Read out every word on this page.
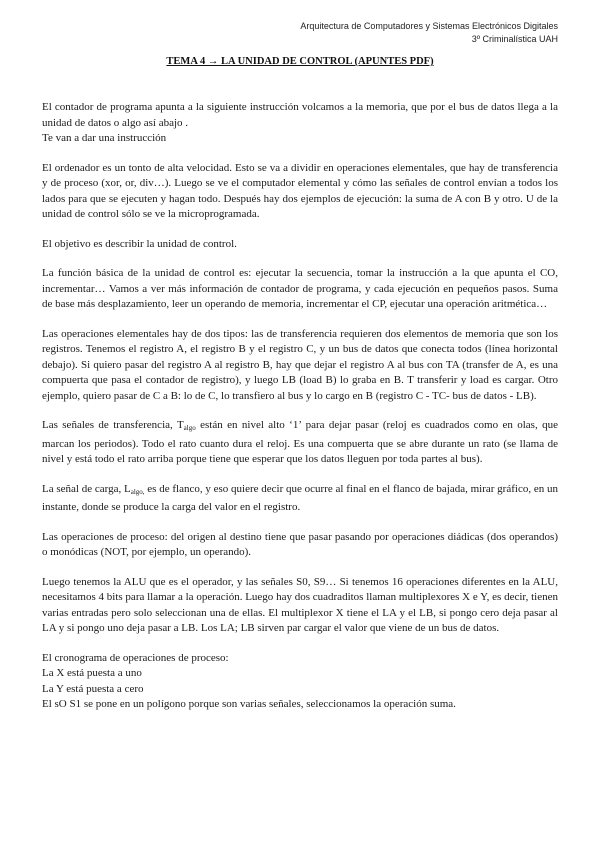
Arquitectura de Computadores y Sistemas Electrónicos Digitales
3º Criminalística UAH
TEMA 4 → LA UNIDAD DE CONTROL (APUNTES PDF)

El contador de programa apunta a la siguiente instrucción volcamos a la memoria, que por el bus de datos llega a la unidad de datos o algo así abajo .

Te van a dar una instrucción

El ordenador es un tonto de alta velocidad. Esto se va a dividir en operaciones elementales, que hay de transferencia y de proceso (xor, or, div…). Luego se ve el computador elemental y cómo las señales de control envían a todos los lados para que se ejecuten y hagan todo. Después hay dos ejemplos de ejecución: la suma de A con B y otro. U de la unidad de control sólo se ve la microprogramada.

El objetivo es describir la unidad de control.

La función básica de la unidad de control es: ejecutar la secuencia, tomar la instrucción a la que apunta el CO, incrementar… Vamos a ver más información de contador de programa, y cada ejecución en pequeños pasos. Suma de base más desplazamiento, leer un operando de memoria, incrementar el CP, ejecutar una operación aritmética…

Las operaciones elementales hay de dos tipos: las de transferencia requieren dos elementos de memoria que son los registros. Tenemos el registro A, el registro B y el registro C, y un bus de datos que conecta todos (línea horizontal debajo). Si quiero pasar del registro A al registro B, hay que dejar el registro A al bus con TA (transfer de A, es una compuerta que pasa el contador de registro), y luego LB (load B) lo graba en B. T transferir y load es cargar. Otro ejemplo, quiero pasar de C a B: lo de C, lo transfiero al bus y lo cargo en B (registro C - TC- bus de datos - LB).

Las señales de transferencia, $T_{algo}$ están en nivel alto ‘1’ para dejar pasar (reloj es cuadrados como en olas, que marcan los periodos). Todo el rato cuanto dura el reloj. Es una compuerta que se abre durante un rato (se llama de nivel y está todo el rato arriba porque tiene que esperar que los datos lleguen por toda partes al bus).

La señal de carga, $L_{algo,}$ es de flanco, y eso quiere decir que ocurre al final en el flanco de bajada, mirar gráfico, en un instante, donde se produce la carga del valor en el registro.

Las operaciones de proceso: del origen al destino tiene que pasar pasando por operaciones diádicas (dos operandos) o monódicas (NOT, por ejemplo, un operando).

Luego tenemos la ALU que es el operador, y las señales S0, S9… Si tenemos 16 operaciones diferentes en la ALU, necesitamos 4 bits para llamar a la operación. Luego hay dos cuadraditos llaman multiplexores X e Y, es decir, tienen varias entradas pero solo seleccionan una de ellas. El multiplexor X tiene el LA y el LB, si pongo cero deja pasar al LA y si pongo uno deja pasar a LB. Los LA; LB sirven par cargar el valor que viene de un bus de datos.

El cronograma de operaciones de proceso:

La X está puesta a uno

La Y está puesta a cero

El sO S1 se pone en un polígono porque son varias señales, seleccionamos la operación suma.
